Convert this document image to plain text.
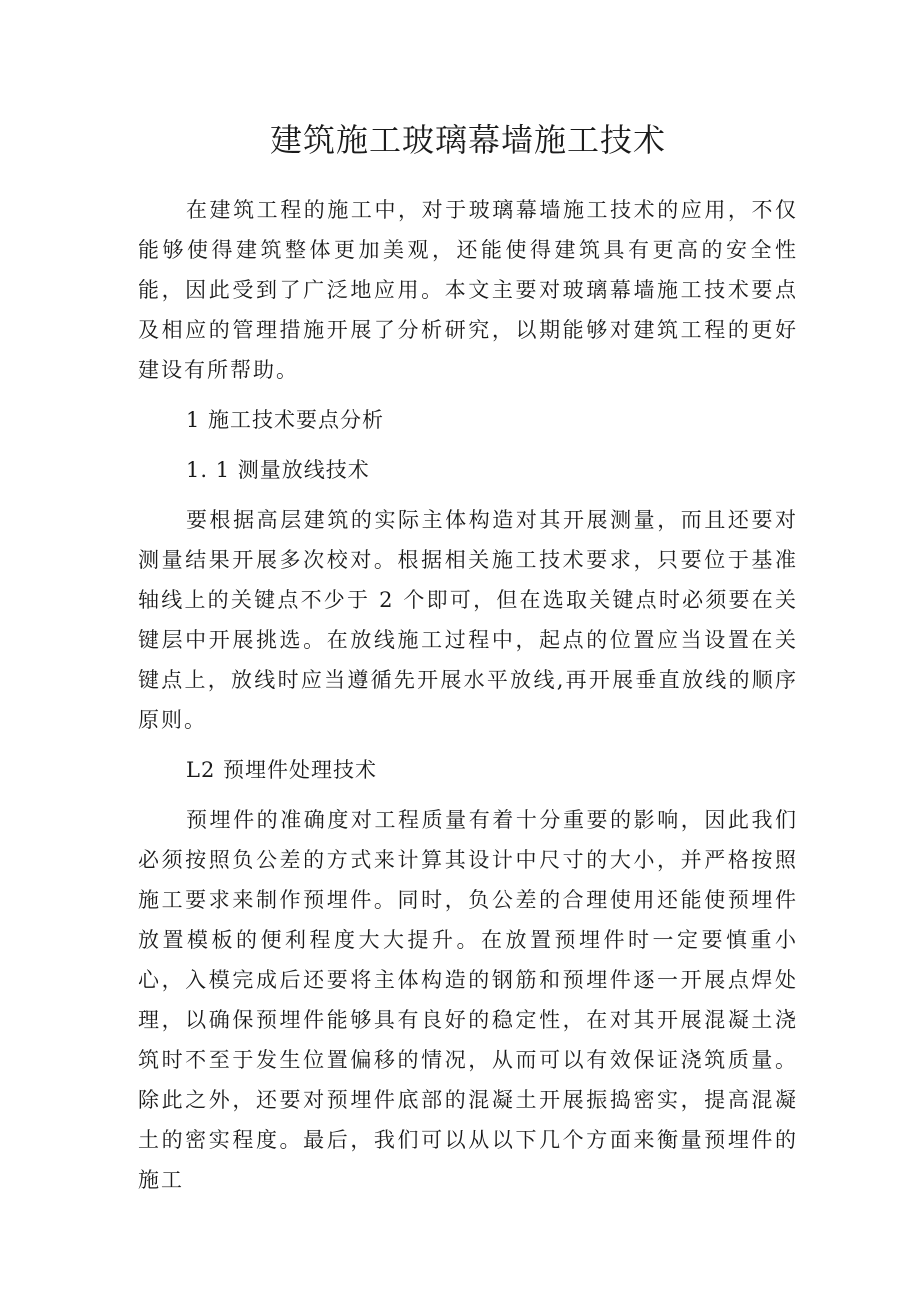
建筑施工玻璃幕墙施工技术

在建筑工程的施工中，对于玻璃幕墙施工技术的应用，不仅能够使得建筑整体更加美观，还能使得建筑具有更高的安全性能，因此受到了广泛地应用。本文主要对玻璃幕墙施工技术要点及相应的管理措施开展了分析研究，以期能够对建筑工程的更好建设有所帮助。

1 施工技术要点分析
1. 1 测量放线技术

要根据高层建筑的实际主体构造对其开展测量，而且还要对测量结果开展多次校对。根据相关施工技术要求，只要位于基准轴线上的关键点不少于 2 个即可，但在选取关键点时必须要在关键层中开展挑选。在放线施工过程中，起点的位置应当设置在关键点上，放线时应当遵循先开展水平放线,再开展垂直放线的顺序原则。

L2 预埋件处理技术

预埋件的准确度对工程质量有着十分重要的影响，因此我们必须按照负公差的方式来计算其设计中尺寸的大小，并严格按照施工要求来制作预埋件。同时，负公差的合理使用还能使预埋件放置模板的便利程度大大提升。在放置预埋件时一定要慎重小心，入模完成后还要将主体构造的钢筋和预埋件逐一开展点焊处理，以确保预埋件能够具有良好的稳定性，在对其开展混凝土浇筑时不至于发生位置偏移的情况，从而可以有效保证浇筑质量。除此之外，还要对预埋件底部的混凝土开展振捣密实，提高混凝土的密实程度。最后，我们可以从以下几个方面来衡量预埋件的施工
